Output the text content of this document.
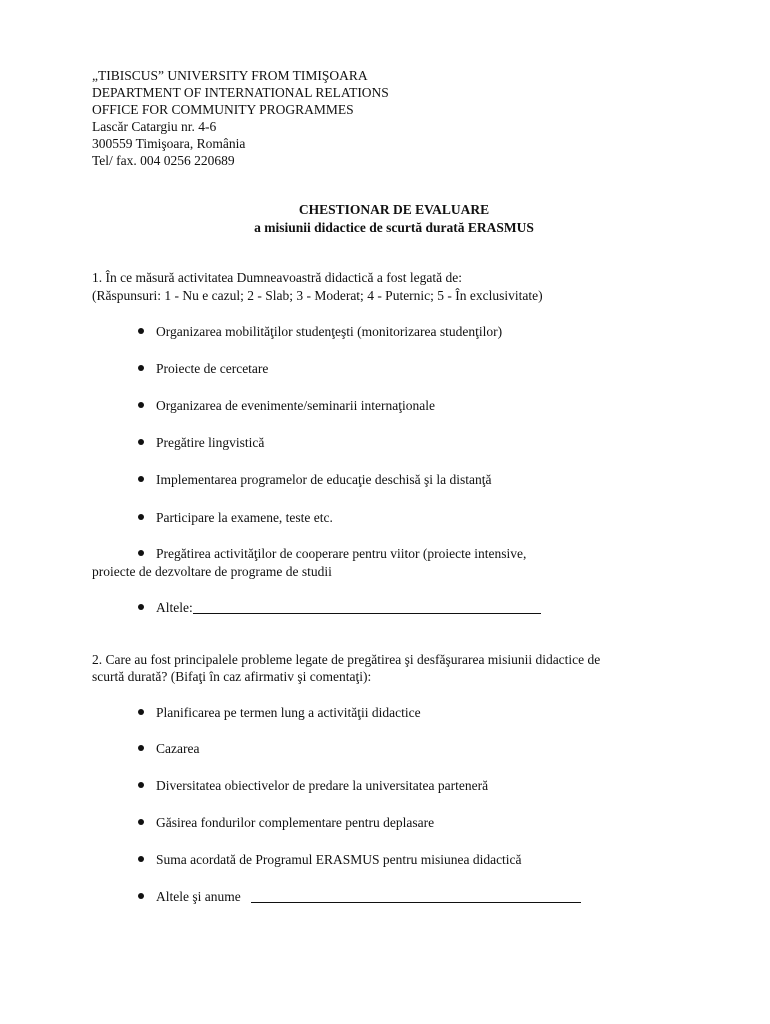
„TIBISCUS” UNIVERSITY FROM TIMIŞOARA
DEPARTMENT OF INTERNATIONAL RELATIONS
OFFICE FOR COMMUNITY PROGRAMMES
Lascăr Catargiu nr. 4-6
300559 Timişoara, România
Tel/ fax. 004 0256 220689
CHESTIONAR DE EVALUARE
a misiunii didactice de scurtă durată ERASMUS
1. În ce măsură activitatea Dumneavoastră didactică a fost legată de:
(Răspunsuri: 1 - Nu e cazul; 2 - Slab; 3 - Moderat; 4 - Puternic; 5 - În exclusivitate)
Organizarea mobilităţilor studenţeşti (monitorizarea studenţilor)
Proiecte de cercetare
Organizarea de evenimente/seminarii internaţionale
Pregătire lingvistică
Implementarea programelor de educaţie deschisă şi la distanţă
Participare la examene, teste etc.
Pregătirea activităţilor de cooperare pentru viitor (proiecte intensive,
proiecte de dezvoltare de programe de studii
Altele:
2. Care au fost principalele probleme legate de pregătirea şi desfăşurarea misiunii didactice de
scurtă durată? (Bifaţi în caz afirmativ şi comentaţi):
Planificarea pe termen lung a activităţii didactice
Cazarea
Diversitatea obiectivelor de predare la universitatea parteneră
Găsirea fondurilor complementare pentru deplasare
Suma acordată de Programul ERASMUS pentru misiunea didactică
Altele şi anume
